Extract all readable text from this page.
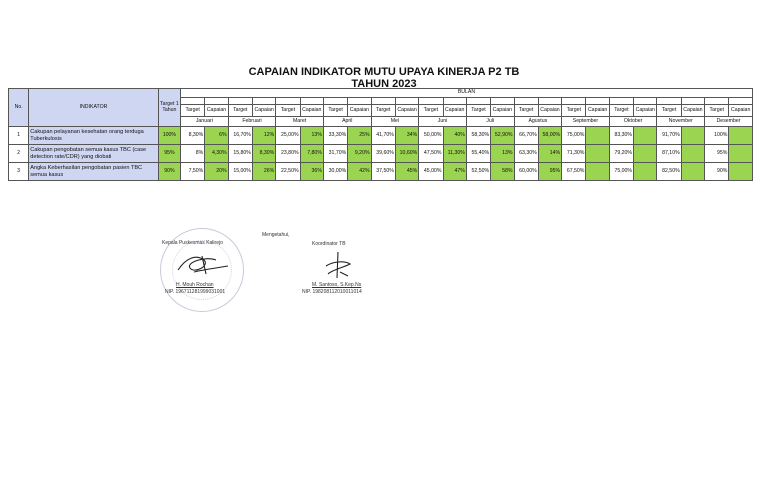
CAPAIAN INDIKATOR MUTU UPAYA KINERJA P2 TB
TAHUN 2023
No.	INDIKATOR	Target 1 Tahun	BULAN																							

			Target	Capaian	Target	Capaian	Target	Capaian	Target	Capaian	Target	Capaian	Target	Capaian	Target	Capaian	Target	Capaian	Target	Capaian	Target	Capaian	Target	Capaian	Target	Capaian
			Januari		Februari		Maret		April		Mei		Juni		Juli		Agustus		September		Oktober		November		Desember	
1	Cakupan pelayanan kesehatan orang terduga Tuberkulosis	100%	8,30%	6%	16,70%	12%	25,00%	13%	33,30%	25%	41,70%	34%	50,00%	40%	58,30%	52,90%	66,70%	58,00%	75,00%		83,30%		91,70%		100%	
2	Cakupan pengobatan semua kasus TBC (case detection rate/CDR) yang diobati	95%	8%	4,30%	15,80%	8,30%	23,80%	7,80%	31,70%	9,20%	39,60%	10,60%	47,50%	11,30%	55,40%	13%	63,30%	14%	71,30%		79,20%		87,10%		95%	
3	Angka Keberhasilan pengobatan pasien TBC semua kasus	90%	7,50%	20%	15,00%	26%	22,50%	36%	30,00%	42%	37,50%	45%	45,00%	47%	52,50%	58%	60,00%	95%	67,50%		75,00%		82,50%		90%	
Mengetahui,
Kepala Puskesmas Kalirejo	Koordinator TB
H. Mouh Rochan
NIP. 196711281999031001
M. Santoso, S.Kep.Ns
NIP. 198208112010011014
